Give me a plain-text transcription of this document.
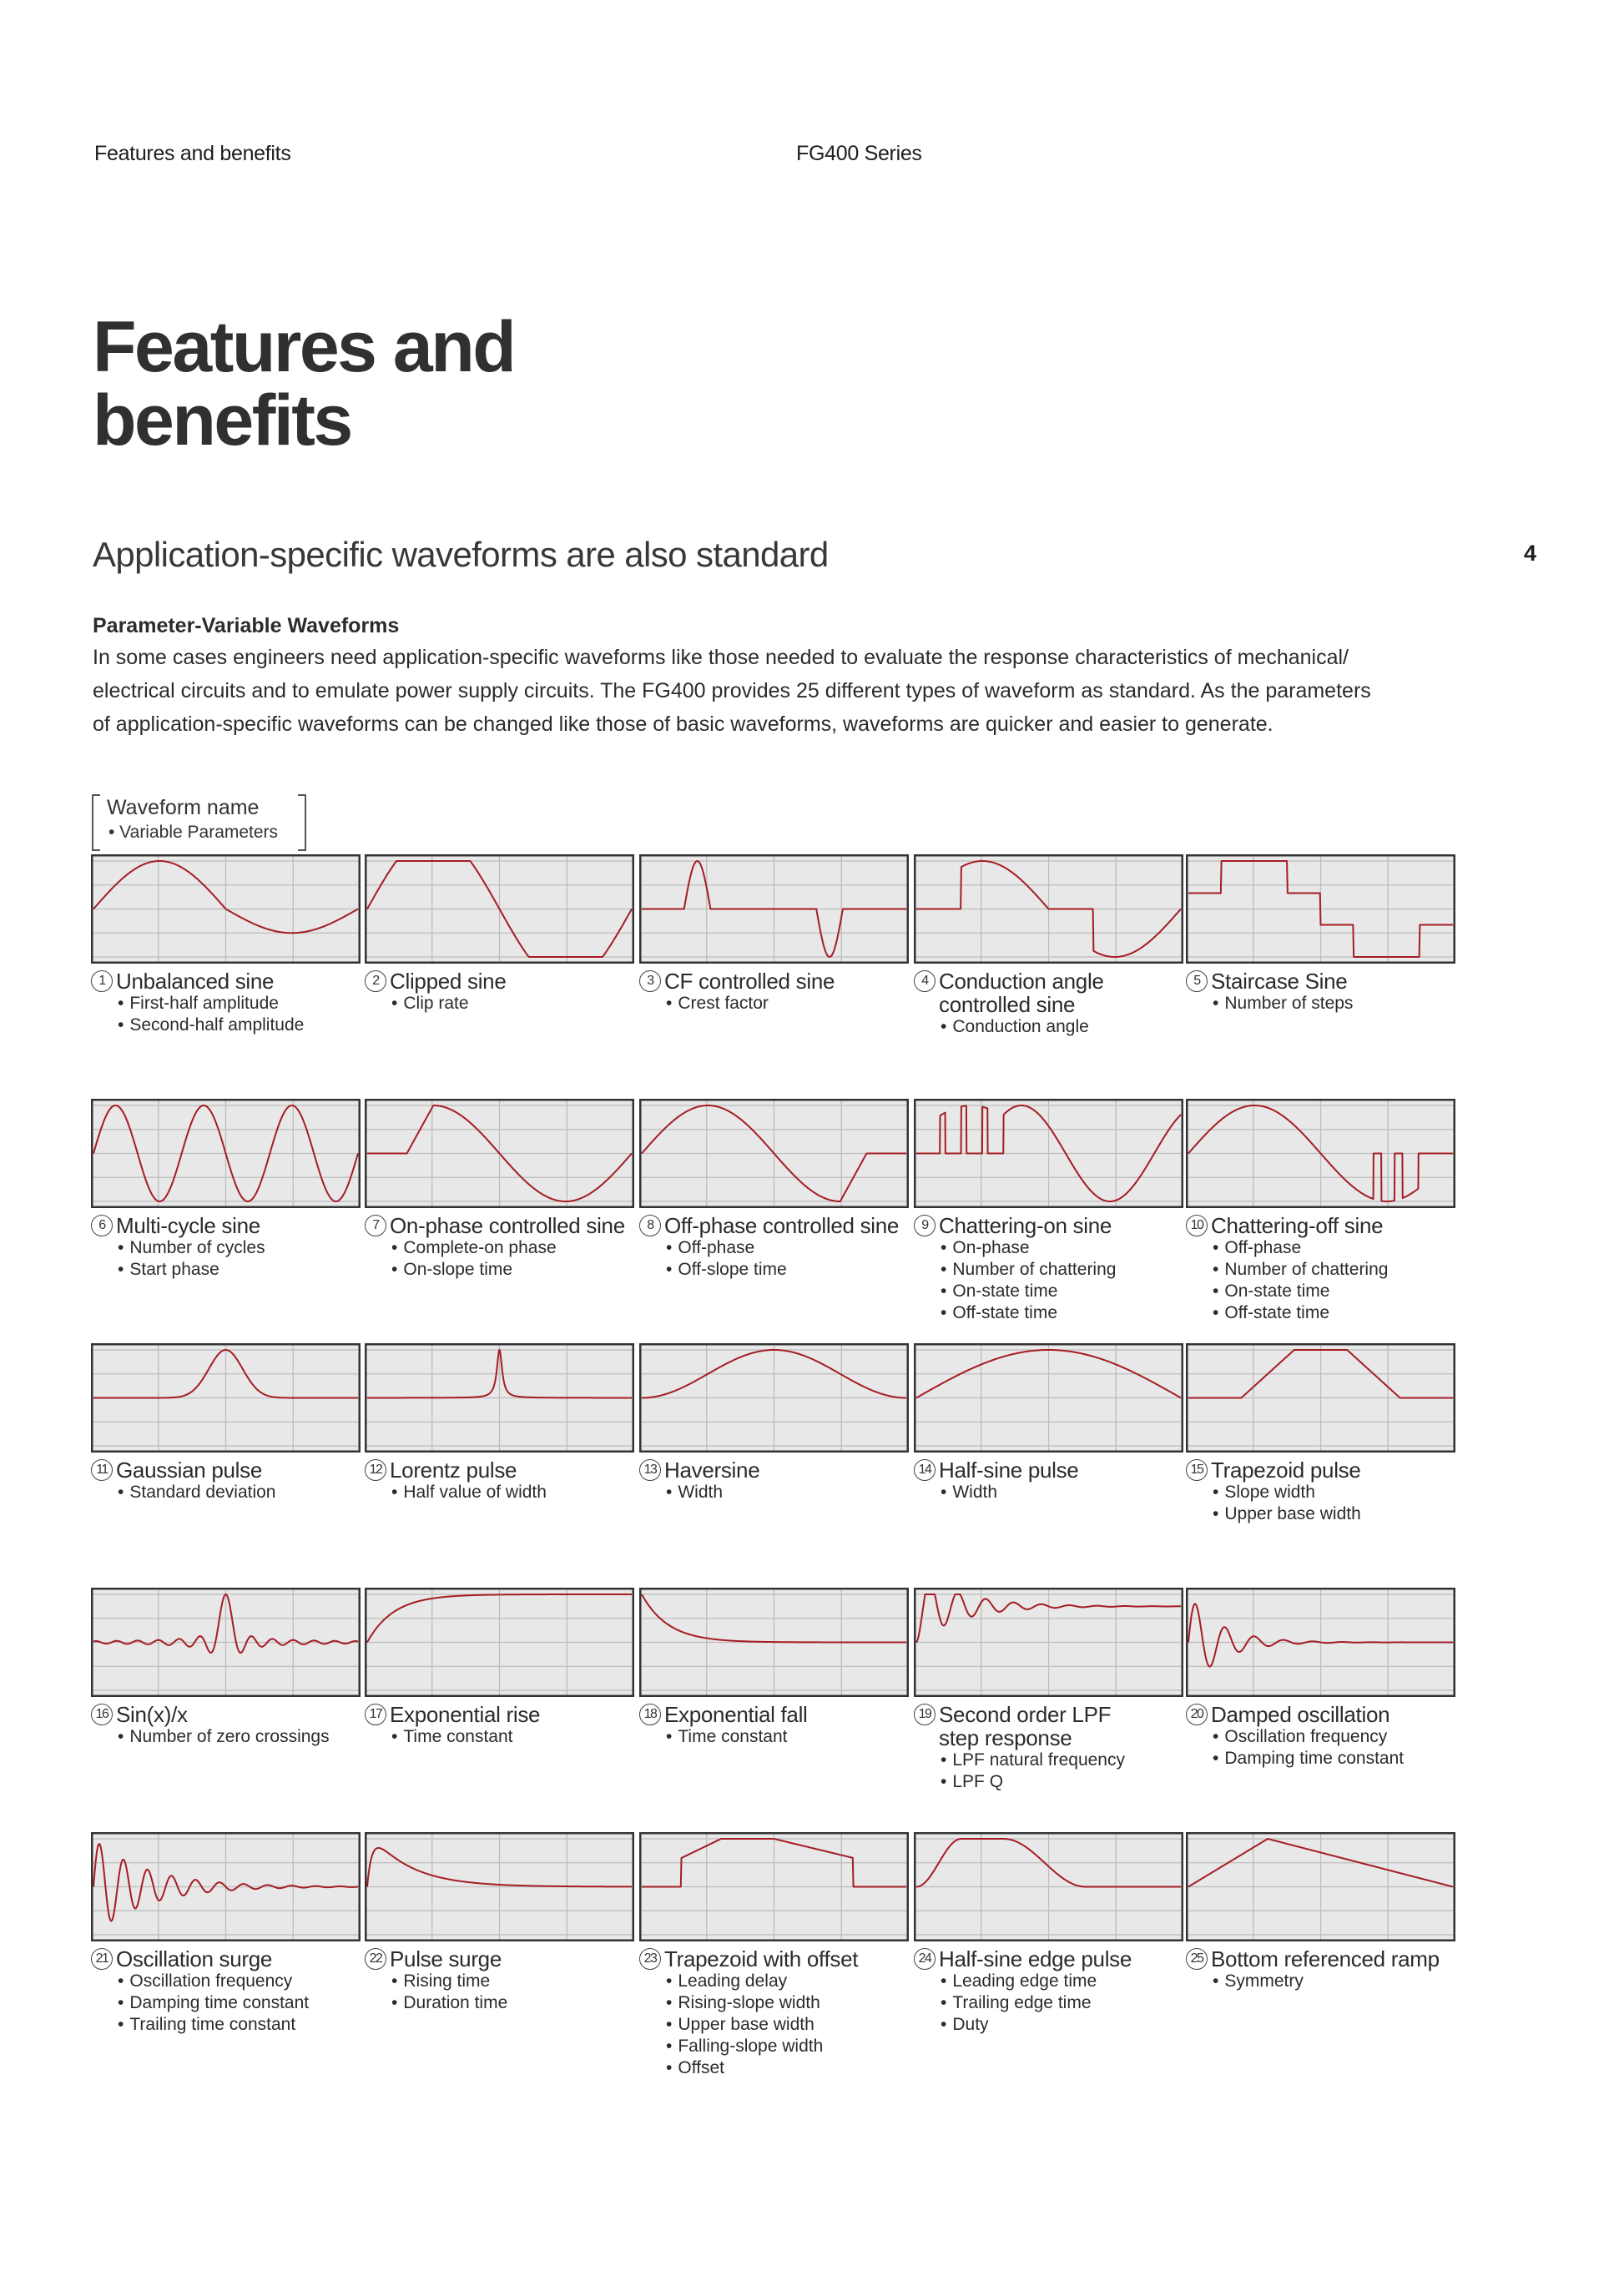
Features and benefits	FG400 Series
Features and
benefits
Application-specific waveforms are also standard	4
Parameter-Variable Waveforms

In some cases engineers need application-specific waveforms like those needed to evaluate the response characteristics of mechanical/
electrical circuits and to emulate power supply circuits. The FG400 provides 25 different types of waveform as standard. As the parameters
of application-specific waveforms can be changed like those of basic waveforms, waveforms are quicker and easier to generate.

Waveform name
• Variable Parameters
1 Unbalanced sine
• First-half amplitude
• Second-half amplitude
2 Clipped sine
• Clip rate
3 CF controlled sine
• Crest factor
4 Conduction angle
controlled sine
• Conduction angle
5 Staircase Sine
• Number of steps
6 Multi-cycle sine
• Number of cycles
• Start phase
7 On-phase controlled sine
• Complete-on phase
• On-slope time
8 Off-phase controlled sine
• Off-phase
• Off-slope time
9 Chattering-on sine
• On-phase
• Number of chattering
• On-state time
• Off-state time
10 Chattering-off sine
• Off-phase
• Number of chattering
• On-state time
• Off-state time
11 Gaussian pulse
• Standard deviation
12 Lorentz pulse
• Half value of width
13 Haversine
• Width
14 Half-sine pulse
• Width
15 Trapezoid pulse
• Slope width
• Upper base width
16 Sin(x)/x
• Number of zero crossings
17 Exponential rise
• Time constant
18 Exponential fall
• Time constant
19 Second order LPF
step response
• LPF natural frequency
• LPF Q
20 Damped oscillation
• Oscillation frequency
• Damping time constant
21 Oscillation surge
• Oscillation frequency
• Damping time constant
• Trailing time constant
22 Pulse surge
• Rising time
• Duration time
23 Trapezoid with offset
• Leading delay
• Rising-slope width
• Upper base width
• Falling-slope width
• Offset
24 Half-sine edge pulse
• Leading edge time
• Trailing edge time
• Duty
25 Bottom referenced ramp
• Symmetry
